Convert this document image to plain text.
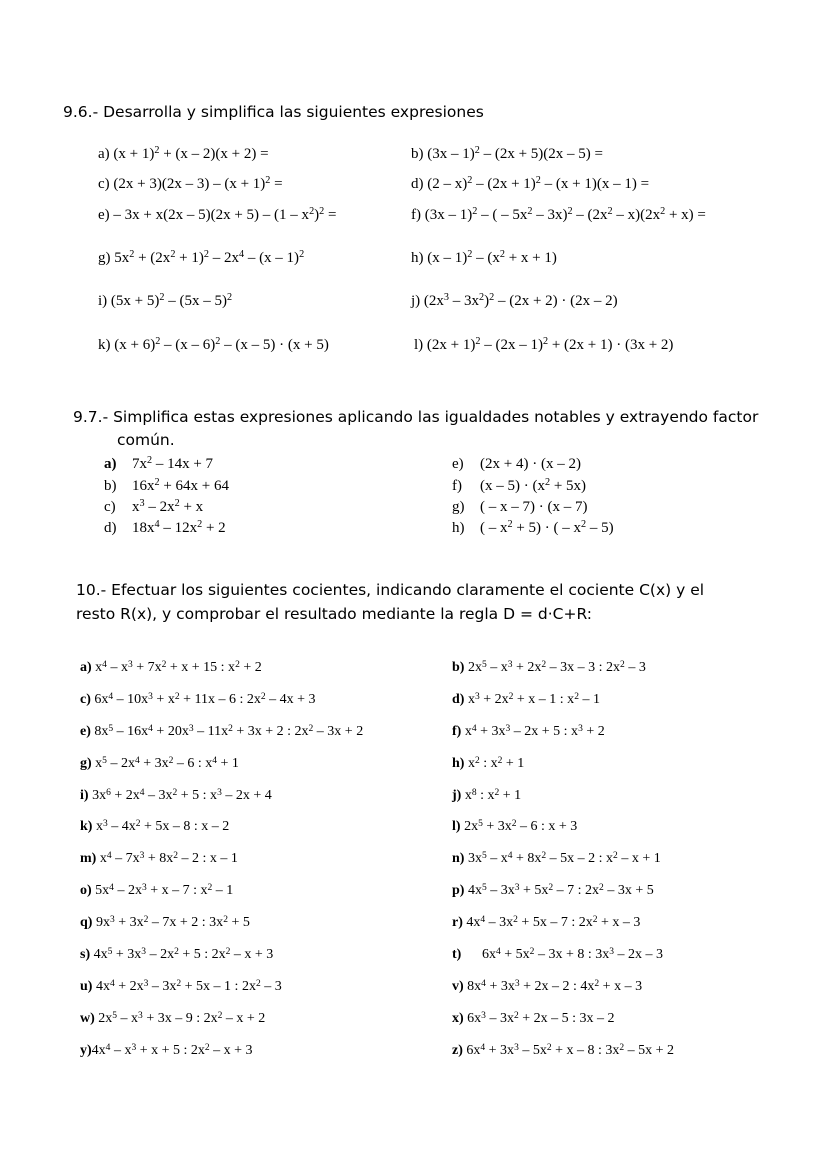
9.6.- Desarrolla y simplifica las siguientes expresiones
a) $(x + 1)^2 + (x - 2)(x + 2)$ =	b) (3x – 1)$^2$ – (2x + 5)(2x – 5) =
c) $(2x + 3)(2x - 3) - (x + 1)^2$ =	d) $(2 - x)^2 - (2x + 1)^2 - (x + 1)(x - 1)$ =
$e) - 3x + x(2x - 5)(2x + 5) - (1 - x^2)^2$ =	f) (3x – 1)$^2$ – ( – $5x^2 - 3x)^2 - (2x^2 - x)(2x^2 + x)$ =
g) $5x^2 + (2x^2 + 1)^2 - 2x^4 - (x - 1)^2$	h) $(x - 1)^2 - (x^2 + x + 1)$
i) $(5x + 5)^2 - (5x - 5)^2$	j) $(2x^3 - 3x^2)^2 - (2x + 2) \cdot (2x - 2)$
k) $(x + 6)^2 - (x - 6)^2 - (x - 5) \cdot (x + 5)$	l) $(2x + 1)^2 - (2x - 1)^2 + (2x + 1) \cdot (3x + 2)$
9.7.- Simplifica estas expresiones aplicando las igualdades notables y extrayendo factor
común.
a) $7x^2 - 14x + 7$	e) (2x + 4) · (x – 2)
b) $16x^2 + 64x + 64$	f) $(x - 5) \cdot (x^2 + 5x)$
c) $x^3 - 2x^2 + x$	g) ( – x – 7) · (x – 7)
d) $18x^4 - 12x^2 + 2$	h) ( – $x^2 + 5$) · ( – $x^2 - 5$)
10.- Efectuar los siguientes cocientes, indicando claramente el cociente C(x) y el
resto R(x), y comprobar el resultado mediante la regla D = d·C+R:
a) $x^4 - x^3 + 7x^2 + x + 15$ : $x^2 + 2$	b) $2x^5 - x^3 + 2x^2 - 3x - 3$ : $2x^2 - 3$
c) $6x^4 - 10x^3 + x^2 + 11x - 6$ : $2x^2 - 4x + 3$	d) $x^3 + 2x^2 + x - 1$ : $x^2 - 1$
e) $8x^5 - 16x^4 + 20x^3 - 11x^2 + 3x + 2$ : $2x^2 - 3x + 2$	f) $x^4 + 3x^3 - 2x + 5$ : $x^3 + 2$
g) $x^5 - 2x^4 + 3x^2 - 6$ : $x^4 + 1$	h) $x^2$ : $x^2 + 1$
i) $3x^6 + 2x^4 - 3x^2 + 5$ : $x^3 - 2x + 4$	j) $x^8$ : $x^2 + 1$
k) $x^3 - 4x^2 + 5x - 8$ : x – 2	l) $2x^5 + 3x^2 - 6$ : x + 3
m) $x^4 - 7x^3 + 8x^2 - 2$ : x – 1	n) $3x^5 - x^4 + 8x^2 - 5x - 2$ : $x^2 - x + 1$
o) $5x^4 - 2x^3 + x - 7$ : $x^2 - 1$	p) $4x^5 - 3x^3 + 5x^2 - 7$ : $2x^2 - 3x + 5$
q) $9x^3 + 3x^2 - 7x + 2$ : $3x^2 + 5$	r) $4x^4 - 3x^2 + 5x - 7$ : $2x^2 + x - 3$
s) $4x^5 + 3x^3 - 2x^2 + 5$ : $2x^2 - x + 3$	t) $6x^4 + 5x^2 - 3x + 8$ : $3x^3 - 2x - 3$
u) $4x^4 + 2x^3 - 3x^2 + 5x - 1$ : $2x^2 - 3$	v) $8x^4 + 3x^3 + 2x - 2$ : $4x^2 + x - 3$
w) $2x^5 - x^3 + 3x - 9$ : $2x^2 - x + 2$	x) $6x^3 - 3x^2 + 2x - 5$ : 3x – 2
$y)4x^4 - x^3 + x + 5$ : $2x^2 - x + 3$	z) $6x^4 + 3x^3 - 5x^2 + x - 8$ : $3x^2 - 5x + 2$
